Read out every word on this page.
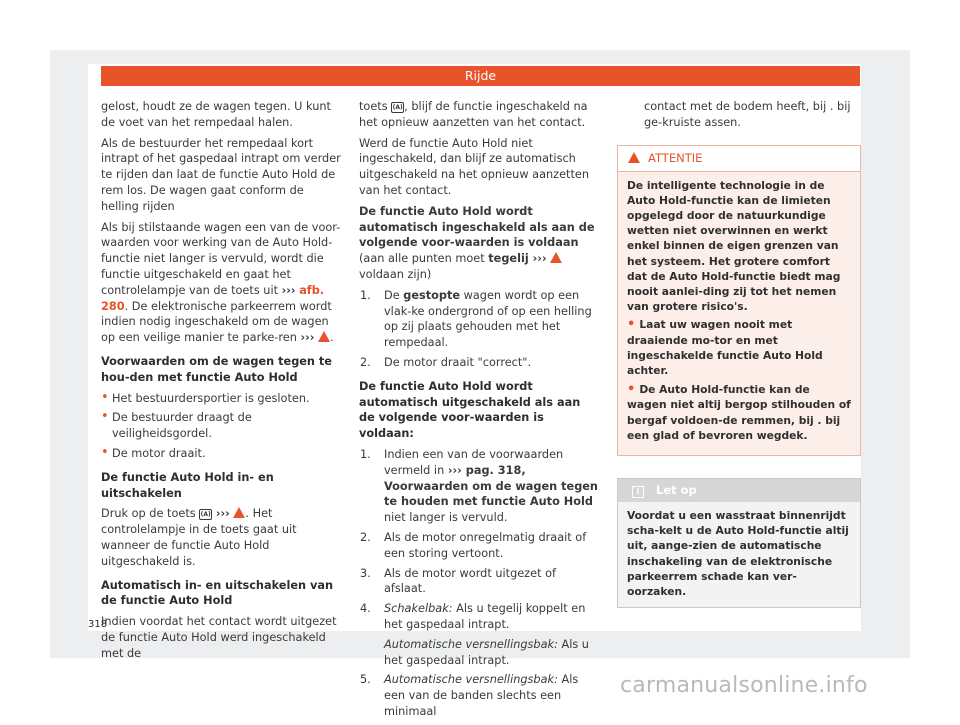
Rijde

gelost, houdt ze de wagen tegen. U kunt de voet van het rempedaal halen.

Als de bestuurder het rempedaal kort intrapt of het gaspedaal intrapt om verder te rijden dan laat de functie Auto Hold de rem los. De wagen gaat conform de helling rijden

Als bij stilstaande wagen een van de voor-waarden voor werking van de Auto Hold-functie niet langer is vervuld, wordt die functie uitgeschakeld en gaat het controlelampje van de toets uit ››› afb. 280. De elektronische parkeerrem wordt indien nodig ingeschakeld om de wagen op een veilige manier te parke-ren ››› .

Voorwaarden om de wagen tegen te hou-den met functie Auto Hold

• Het bestuurdersportier is gesloten.
• De bestuurder draagt de veiligheidsgordel.
• De motor draait.

De functie Auto Hold in- en uitschakelen

Druk op de toets (A) ››› . Het controlelampje in de toets gaat uit wanneer de functie Auto Hold uitgeschakeld is.

Automatisch in- en uitschakelen van de functie Auto Hold

Indien voordat het contact wordt uitgezet de functie Auto Hold werd ingeschakeld met de

toets (A), blijf de functie ingeschakeld na het opnieuw aanzetten van het contact.

Werd de functie Auto Hold niet ingeschakeld, dan blijf ze automatisch uitgeschakeld na het opnieuw aanzetten van het contact.

De functie Auto Hold wordt automatisch ingeschakeld als aan de volgende voor-waarden is voldaan (aan alle punten moet tegelij ›››  voldaan zijn)

1. De gestopte wagen wordt op een vlak-ke ondergrond of op een helling op zij plaats gehouden met het rempedaal.
2. De motor draait "correct".

De functie Auto Hold wordt automatisch uitgeschakeld als aan de volgende voor-waarden is voldaan:

1. Indien een van de voorwaarden vermeld in ››› pag. 318, Voorwaarden om de wagen tegen te houden met functie Auto Hold niet langer is vervuld.
2. Als de motor onregelmatig draait of een storing vertoont.
3. Als de motor wordt uitgezet of afslaat.
4. Schakelbak: Als u tegelij koppelt en het gaspedaal intrapt.
Automatische versnellingsbak: Als u het gaspedaal intrapt.
5. Automatische versnellingsbak: Als een van de banden slechts een minimaal

contact met de bodem heeft, bij . bij ge-kruiste assen.

ATTENTIE

De intelligente technologie in de Auto Hold-functie kan de limieten opgelegd door de natuurkundige wetten niet overwinnen en werkt enkel binnen de eigen grenzen van het systeem. Het grotere comfort dat de Auto Hold-functie biedt mag nooit aanlei-ding zij tot het nemen van grotere risico's.

• Laat uw wagen nooit met draaiende mo-tor en met ingeschakelde functie Auto Hold achter.
• De Auto Hold-functie kan de wagen niet altij bergop stilhouden of bergaf voldoen-de remmen, bij . bij een glad of bevroren wegdek.
i Let op
Voordat u een wasstraat binnenrijdt scha-kelt u de Auto Hold-functie altij uit, aange-zien de automatische inschakeling van de elektronische parkeerrem schade kan ver-oorzaken.
318
carmanualsonline.info
